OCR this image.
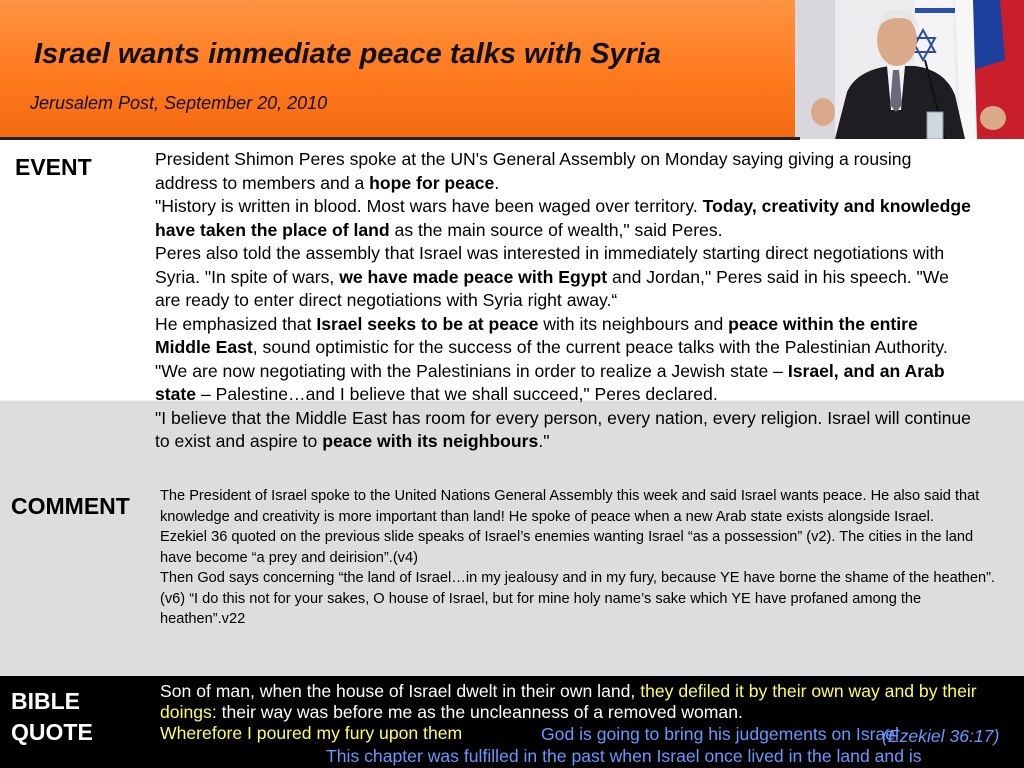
Israel wants immediate peace talks with Syria
Jerusalem Post, September 20, 2010
EVENT	President Shimon Peres spoke at the UN's General Assembly on Monday saying giving a rousing address to members and a hope for peace.

"History is written in blood. Most wars have been waged over territory. Today, creativity and knowledge have taken the place of land as the main source of wealth," said Peres.

Peres also told the assembly that Israel was interested in immediately starting direct negotiations with Syria. "In spite of wars, we have made peace with Egypt and Jordan," Peres said in his speech. "We are ready to enter direct negotiations with Syria right away.“

He emphasized that Israel seeks to be at peace with its neighbours and peace within the entire Middle East, sound optimistic for the success of the current peace talks with the Palestinian Authority. "We are now negotiating with the Palestinians in order to realize a Jewish state – Israel, and an Arab state – Palestine…and I believe that we shall succeed," Peres declared.

"I believe that the Middle East has room for every person, every nation, every religion. Israel will continue to exist and aspire to peace with its neighbours."

COMMENT The President of Israel spoke to the United Nations General Assembly this week and said Israel wants peace. He also said that knowledge and creativity is more important than land! He spoke of peace when a new Arab state exists alongside Israel.

Ezekiel 36 quoted on the previous slide speaks of Israel’s enemies wanting Israel “as a possession” (v2). The cities in the land have become “a prey and deirision”.(v4)

Then God says concerning “the land of Israel…in my jealousy and in my fury, because YE have borne the shame of the heathen”.(v6) “I do this not for your sakes, O house of Israel, but for mine holy name’s sake which YE have profaned among the heathen”.v22

BIBLE
QUOTE

Son of man, when the house of Israel dwelt in their own land, they defiled it by their own way and by their doings: their way was before me as the uncleanness of a removed woman.

Wherefore I poured my fury upon them	God is going to bring his judgements on Israel
(Ezekiel 36:17)
This chapter was fulfilled in the past when Israel once lived in the land and is
